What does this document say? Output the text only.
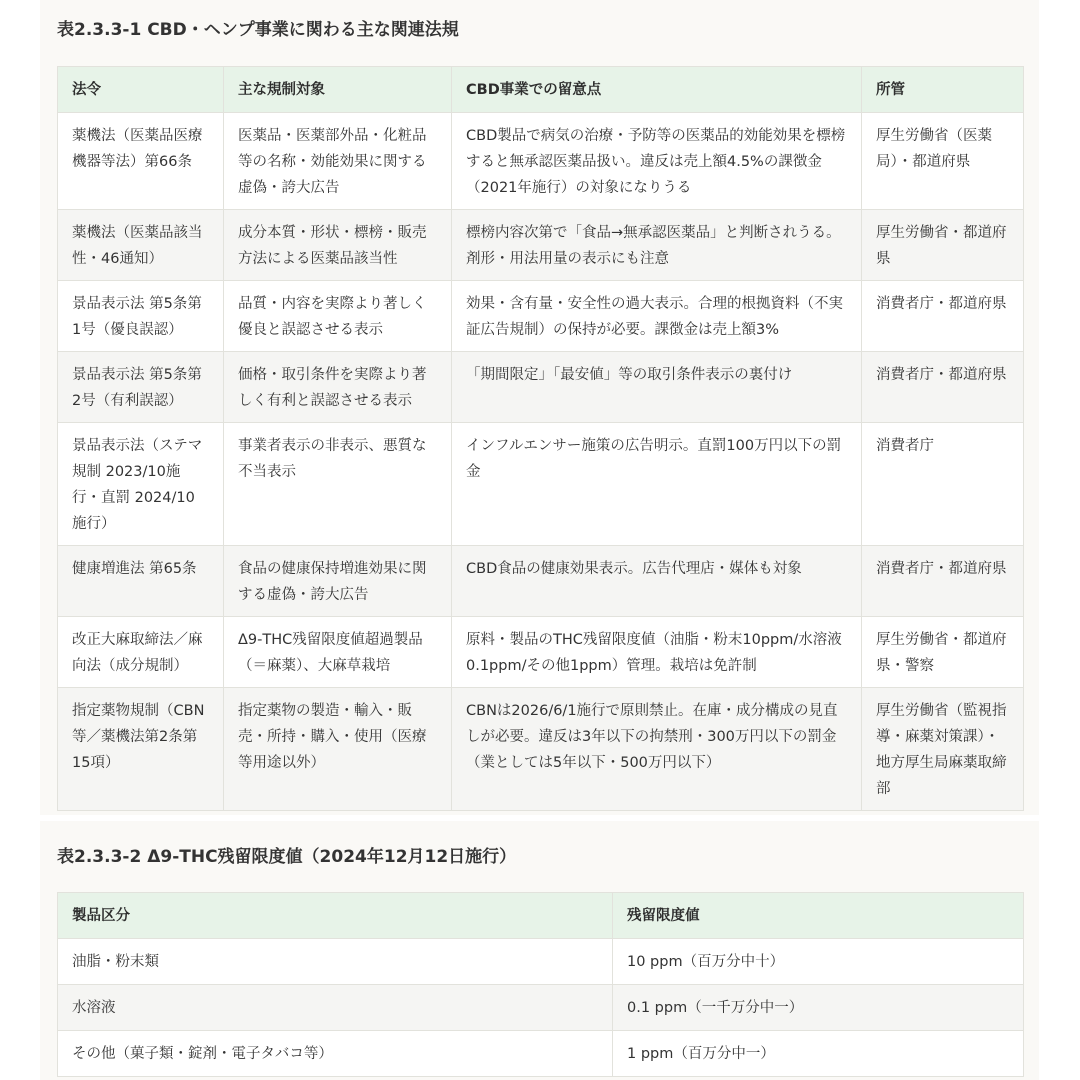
表2.3.3-1 CBD・ヘンプ事業に関わる主な関連法規
法令	主な規制対象	CBD事業での留意点	所管
薬機法（医薬品医療機器等法）第66条	医薬品・医薬部外品・化粧品等の名称・効能効果に関する虚偽・誇大広告	CBD製品で病気の治療・予防等の医薬品的効能効果を標榜すると無承認医薬品扱い。違反は売上額4.5%の課徴金（2021年施行）の対象になりうる	厚生労働省（医薬局）・都道府県
薬機法（医薬品該当性・46通知）	成分本質・形状・標榜・販売方法による医薬品該当性	標榜内容次第で「食品→無承認医薬品」と判断されうる。剤形・用法用量の表示にも注意	厚生労働省・都道府県
景品表示法 第5条第1号（優良誤認）	品質・内容を実際より著しく優良と誤認させる表示	効果・含有量・安全性の過大表示。合理的根拠資料（不実証広告規制）の保持が必要。課徴金は売上額3%	消費者庁・都道府県
景品表示法 第5条第2号（有利誤認）	価格・取引条件を実際より著しく有利と誤認させる表示	「期間限定」「最安値」等の取引条件表示の裏付け	消費者庁・都道府県
景品表示法（ステマ規制 2023/10施行・直罰 2024/10施行）	事業者表示の非表示、悪質な不当表示	インフルエンサー施策の広告明示。直罰100万円以下の罰金	消費者庁
健康増進法 第65条	食品の健康保持増進効果に関する虚偽・誇大広告	CBD食品の健康効果表示。広告代理店・媒体も対象	消費者庁・都道府県
改正大麻取締法／麻向法（成分規制）	Δ9-THC残留限度値超過製品（＝麻薬）、大麻草栽培	原料・製品のTHC残留限度値（油脂・粉末10ppm/水溶液0.1ppm/その他1ppm）管理。栽培は免許制	厚生労働省・都道府県・警察
指定薬物規制（CBN等／薬機法第2条第15項）	指定薬物の製造・輸入・販売・所持・購入・使用（医療等用途以外）	CBNは2026/6/1施行で原則禁止。在庫・成分構成の見直しが必要。違反は3年以下の拘禁刑・300万円以下の罰金（業としては5年以下・500万円以下）	厚生労働省（監視指導・麻薬対策課）・地方厚生局麻薬取締部
表2.3.3-2 Δ9-THC残留限度値（2024年12月12日施行）
製品区分	残留限度値
油脂・粉末類	10 ppm（百万分中十）
水溶液	0.1 ppm（一千万分中一）
その他（菓子類・錠剤・電子タバコ等）	1 ppm（百万分中一）
